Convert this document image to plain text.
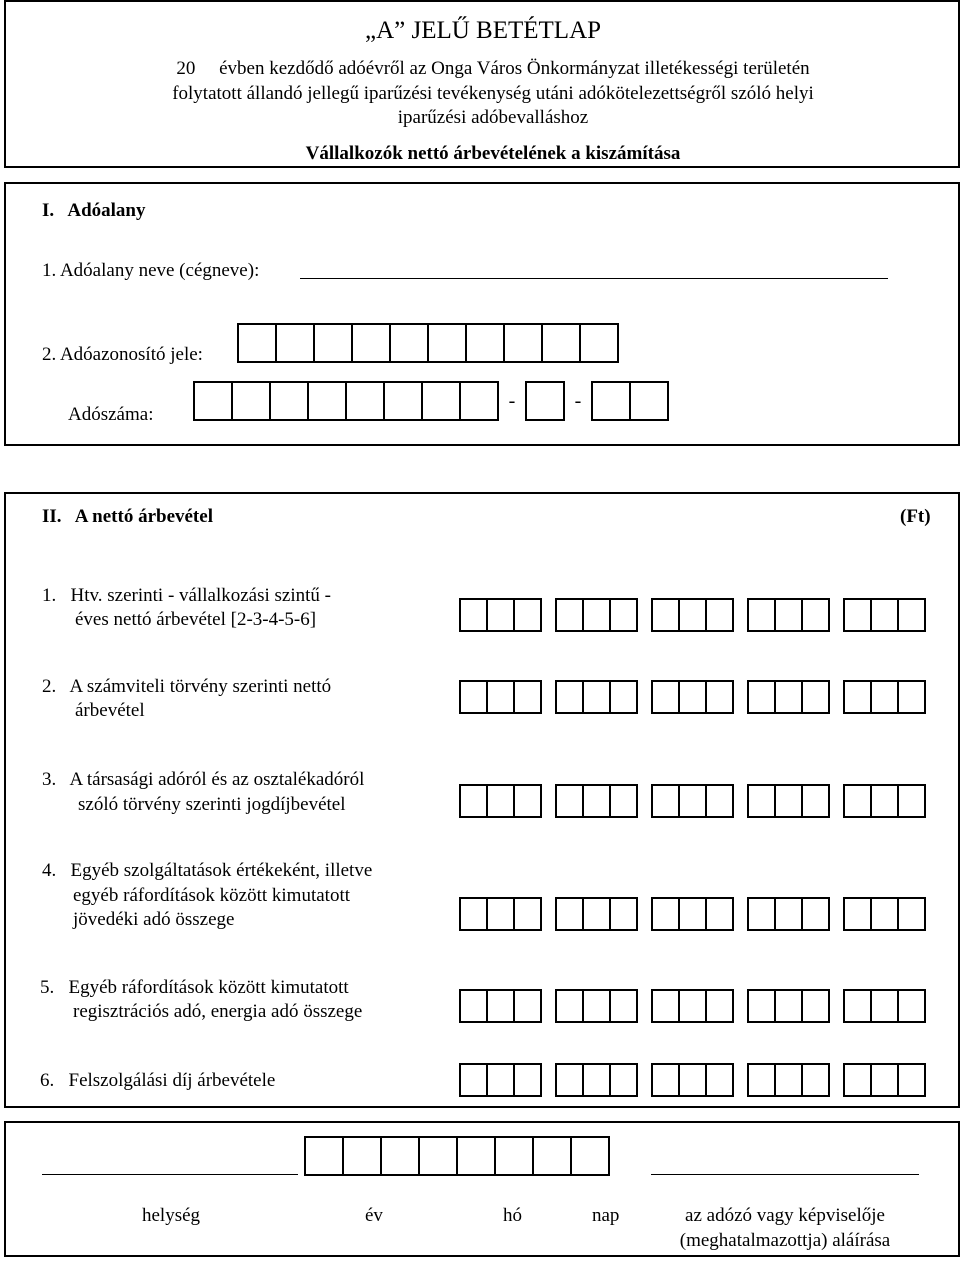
„A” JELŰ BETÉTLAP
20     évben kezdődő adóévről az Onga Város Önkormányzat illetékességi területén
folytatott állandó jellegű iparűzési tevékenység utáni adókötelezettségről szóló helyi
iparűzési adóbevalláshoz
Vállalkozók nettó árbevételének a kiszámítása
I.   Adóalany
1. Adóalany neve (cégneve):
2. Adóazonosító jele:
Adószáma:
-	-
II.   A nettó árbevétel	(Ft)
1.   Htv. szerinti - vállalkozási szintű -
éves nettó árbevétel [2-3-4-5-6]
2.   A számviteli törvény szerinti nettó
árbevétel
3.   A társasági adóról és az osztalékadóról
szóló törvény szerinti jogdíjbevétel
4.   Egyéb szolgáltatások értékeként, illetve
egyéb ráfordítások között kimutatott
jövedéki adó összege
5.   Egyéb ráfordítások között kimutatott
regisztrációs adó, energia adó összege
6.   Felszolgálási díj árbevétele
helység	év	hó	nap	az adózó vagy képviselője
(meghatalmazottja) aláírása
